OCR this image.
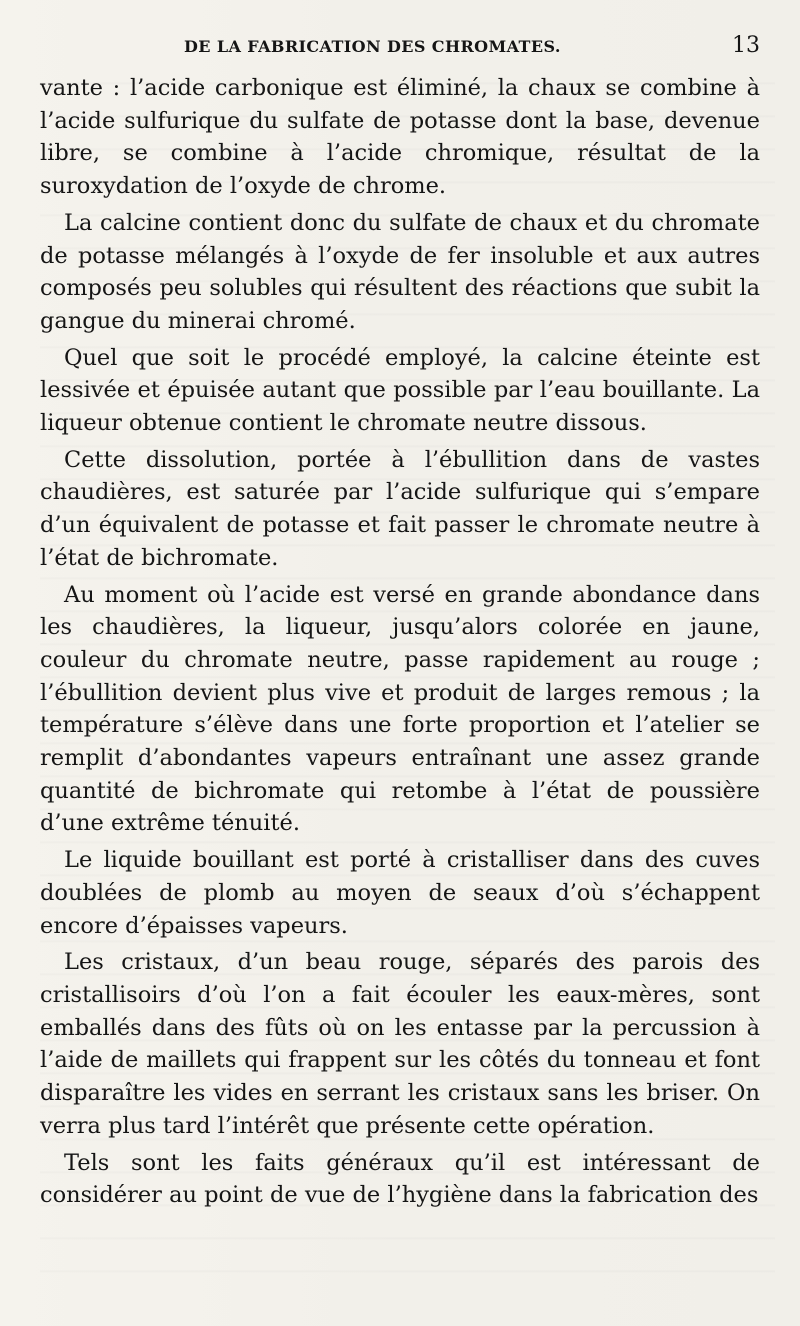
DE LA FABRICATION DES CHROMATES.	13

vante : l’acide carbonique est éliminé, la chaux se combine à l’acide sulfurique du sulfate de potasse dont la base, devenue libre, se combine à l’acide chromique, résultat de la suroxydation de l’oxyde de chrome.

La calcine contient donc du sulfate de chaux et du chromate de potasse mélangés à l’oxyde de fer insoluble et aux autres composés peu solubles qui résultent des réactions que subit la gangue du minerai chromé.

Quel que soit le procédé employé, la calcine éteinte est lessivée et épuisée autant que possible par l’eau bouillante. La liqueur obtenue contient le chromate neutre dissous.

Cette dissolution, portée à l’ébullition dans de vastes chaudières, est saturée par l’acide sulfurique qui s’empare d’un équivalent de potasse et fait passer le chromate neutre à l’état de bichromate.

Au moment où l’acide est versé en grande abondance dans les chaudières, la liqueur, jusqu’alors colorée en jaune, couleur du chromate neutre, passe rapidement au rouge ; l’ébullition devient plus vive et produit de larges remous ; la température s’élève dans une forte proportion et l’atelier se remplit d’abondantes vapeurs entraînant une assez grande quantité de bichromate qui retombe à l’état de poussière d’une extrême ténuité.

Le liquide bouillant est porté à cristalliser dans des cuves doublées de plomb au moyen de seaux d’où s’échappent encore d’épaisses vapeurs.

Les cristaux, d’un beau rouge, séparés des parois des cristallisoirs d’où l’on a fait écouler les eaux-mères, sont emballés dans des fûts où on les entasse par la percussion à l’aide de maillets qui frappent sur les côtés du tonneau et font disparaître les vides en serrant les cristaux sans les briser. On verra plus tard l’intérêt que présente cette opération.

Tels sont les faits généraux qu’il est intéressant de considérer au point de vue de l’hygiène dans la fabrication des
